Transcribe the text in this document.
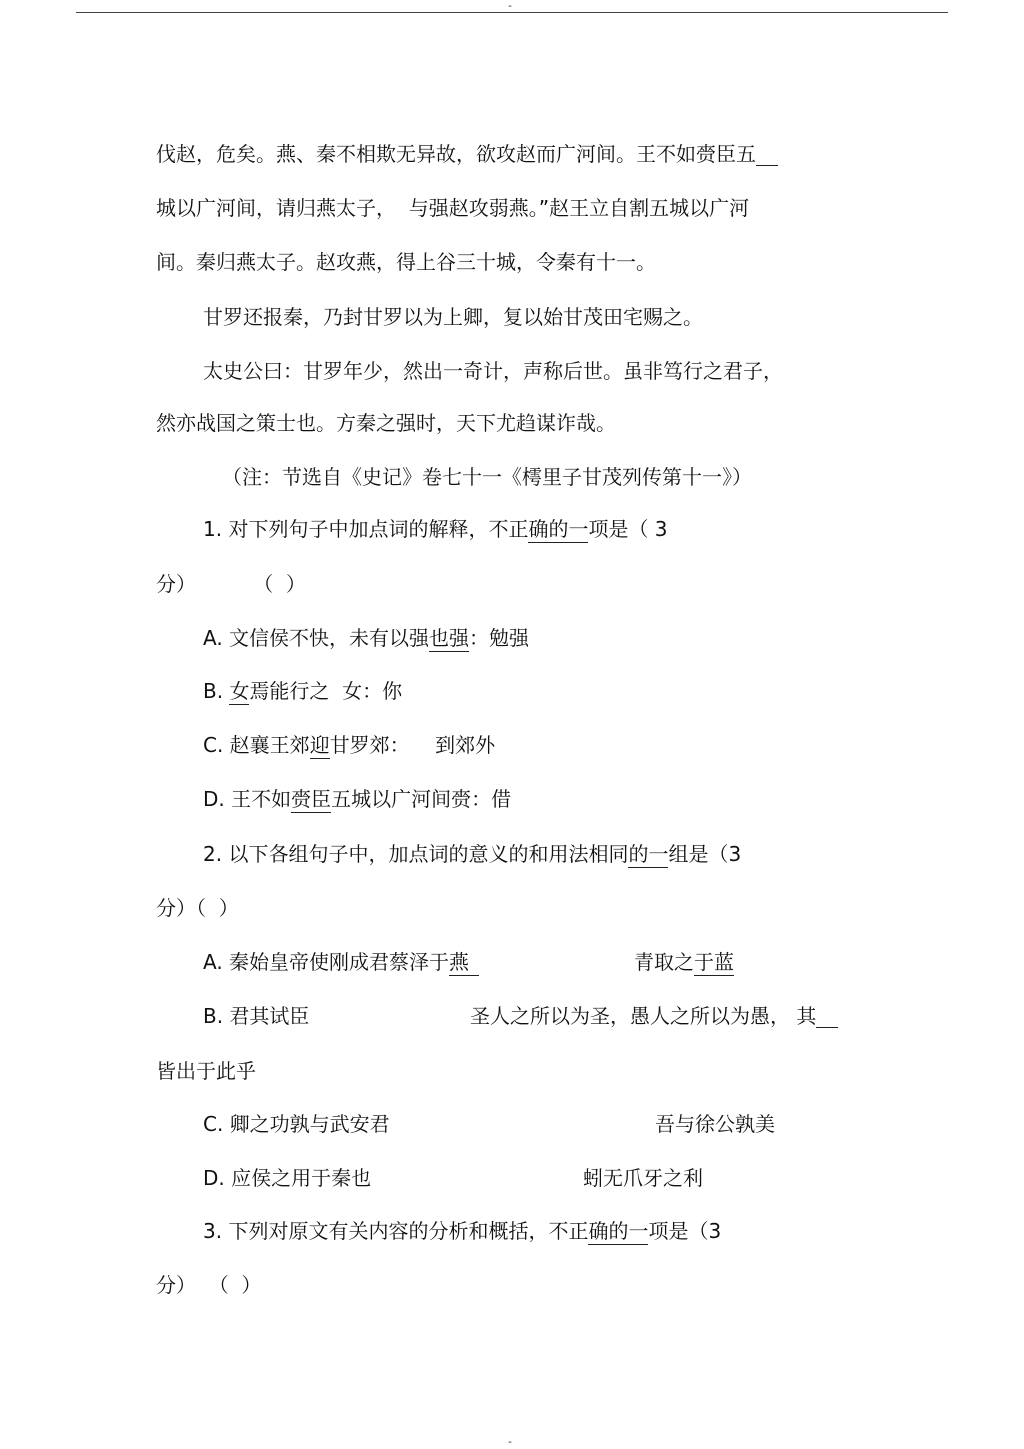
-
伐赵，危矣。燕、秦不相欺无异故，欲攻赵而广河间。王不如赍臣五
城以广河间，请归燕太子，  与强赵攻弱燕。”赵王立自割五城以广河
间。秦归燕太子。赵攻燕，得上谷三十城，令秦有十一。
甘罗还报秦，乃封甘罗以为上卿，复以始甘茂田宅赐之。
太史公曰：甘罗年少，然出一奇计，声称后世。虽非笃行之君子，
然亦战国之策士也。方秦之强时，天下尤趋谋诈哉。
（注：节选自《史记》卷七十一《樗里子甘茂列传第十一》）
1. 对下列句子中加点词的解释，不正确的一项是（ 3
分）         （  ）
A. 文信侯不快，未有以强也强：勉强
B. 女焉能行之  女：你
C. 赵襄王郊迎甘罗郊：    到郊外
D. 王不如赍臣五城以广河间赍：借
2. 以下各组句子中，加点词的意义的和用法相同的一组是（3
分）（  ）
A. 秦始皇帝使刚成君蔡泽于燕	青取之于蓝
B. 君其试臣	圣人之所以为圣，愚人之所以为愚， 其
皆出于此乎
C. 卿之功孰与武安君	吾与徐公孰美
D. 应侯之用于秦也	蚓无爪牙之利
3. 下列对原文有关内容的分析和概括，不正确的一项是（3
分）  （  ）
-
